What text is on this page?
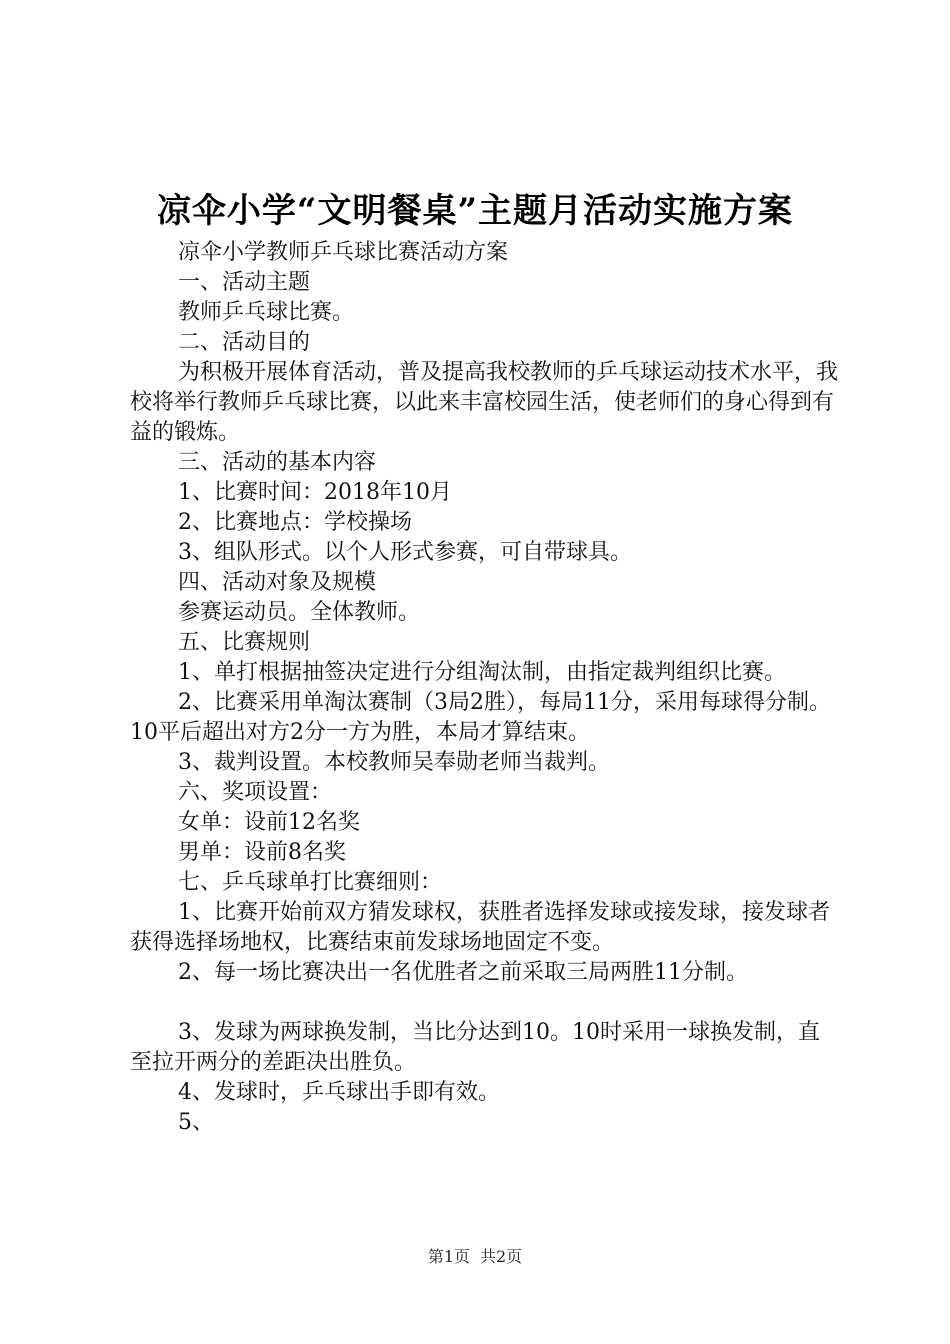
凉伞小学“文明餐桌”主题月活动实施方案

凉伞小学教师乒乓球比赛活动方案

一、活动主题

教师乒乓球比赛。

二、活动目的

为积极开展体育活动，普及提高我校教师的乒乓球运动技术水平，我校将举行教师乒乓球比赛，以此来丰富校园生活，使老师们的身心得到有益的锻炼。

三、活动的基本内容

1、比赛时间：2018年10月

2、比赛地点：学校操场

3、组队形式。以个人形式参赛，可自带球具。

四、活动对象及规模

参赛运动员。全体教师。

五、比赛规则

1、单打根据抽签决定进行分组淘汰制，由指定裁判组织比赛。

2、比赛采用单淘汰赛制（3局2胜），每局11分，采用每球得分制。10平后超出对方2分一方为胜，本局才算结束。

3、裁判设置。本校教师吴奉勋老师当裁判。

六、奖项设置：

女单：设前12名奖

男单：设前8名奖

七、乒乓球单打比赛细则：

1、比赛开始前双方猜发球权，获胜者选择发球或接发球，接发球者获得选择场地权，比赛结束前发球场地固定不变。

2、每一场比赛决出一名优胜者之前采取三局两胜11分制。

3、发球为两球换发制，当比分达到10。10时采用一球换发制，直至拉开两分的差距决出胜负。

4、发球时，乒乓球出手即有效。

5、

第1页 共2页
